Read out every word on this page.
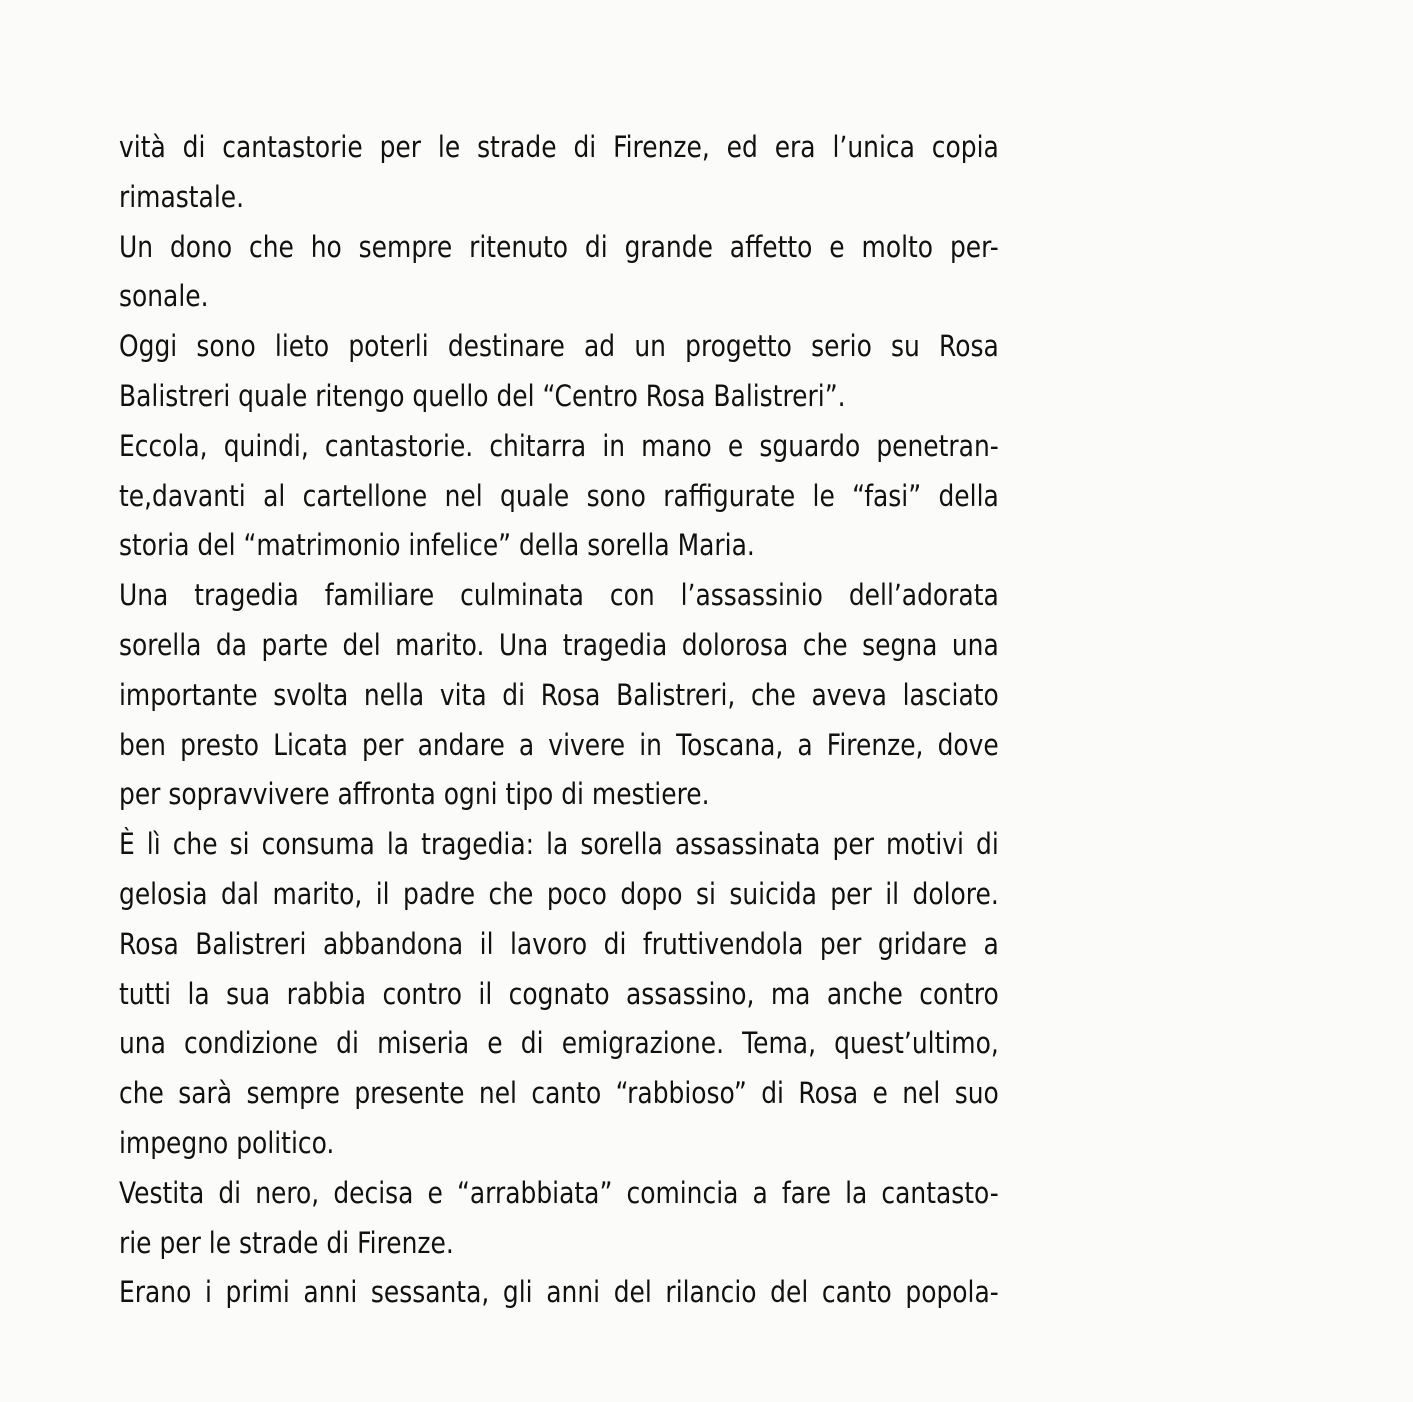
vità di cantastorie per le strade di Firenze, ed era l’unica copia
rimastale.
Un dono che ho sempre ritenuto di grande affetto e molto per-
sonale.
Oggi sono lieto poterli destinare ad un progetto serio su Rosa
Balistreri quale ritengo quello del “Centro Rosa Balistreri”.
Eccola, quindi, cantastorie. chitarra in mano e sguardo penetran-
te,davanti al cartellone nel quale sono raffigurate le “fasi” della
storia del “matrimonio infelice” della sorella Maria.
Una tragedia familiare culminata con l’assassinio dell’adorata
sorella da parte del marito. Una tragedia dolorosa che segna una
importante svolta nella vita di Rosa Balistreri, che aveva lasciato
ben presto Licata per andare a vivere in Toscana, a Firenze, dove
per sopravvivere affronta ogni tipo di mestiere.
È lì che si consuma la tragedia: la sorella assassinata per motivi di
gelosia dal marito, il padre che poco dopo si suicida per il dolore.
Rosa Balistreri abbandona il lavoro di fruttivendola per gridare a
tutti la sua rabbia contro il cognato assassino, ma anche contro
una condizione di miseria e di emigrazione. Tema, quest’ultimo,
che sarà sempre presente nel canto “rabbioso” di Rosa e nel suo
impegno politico.
Vestita di nero, decisa e “arrabbiata” comincia a fare la cantasto-
rie per le strade di Firenze.
Erano i primi anni sessanta, gli anni del rilancio del canto popola-
